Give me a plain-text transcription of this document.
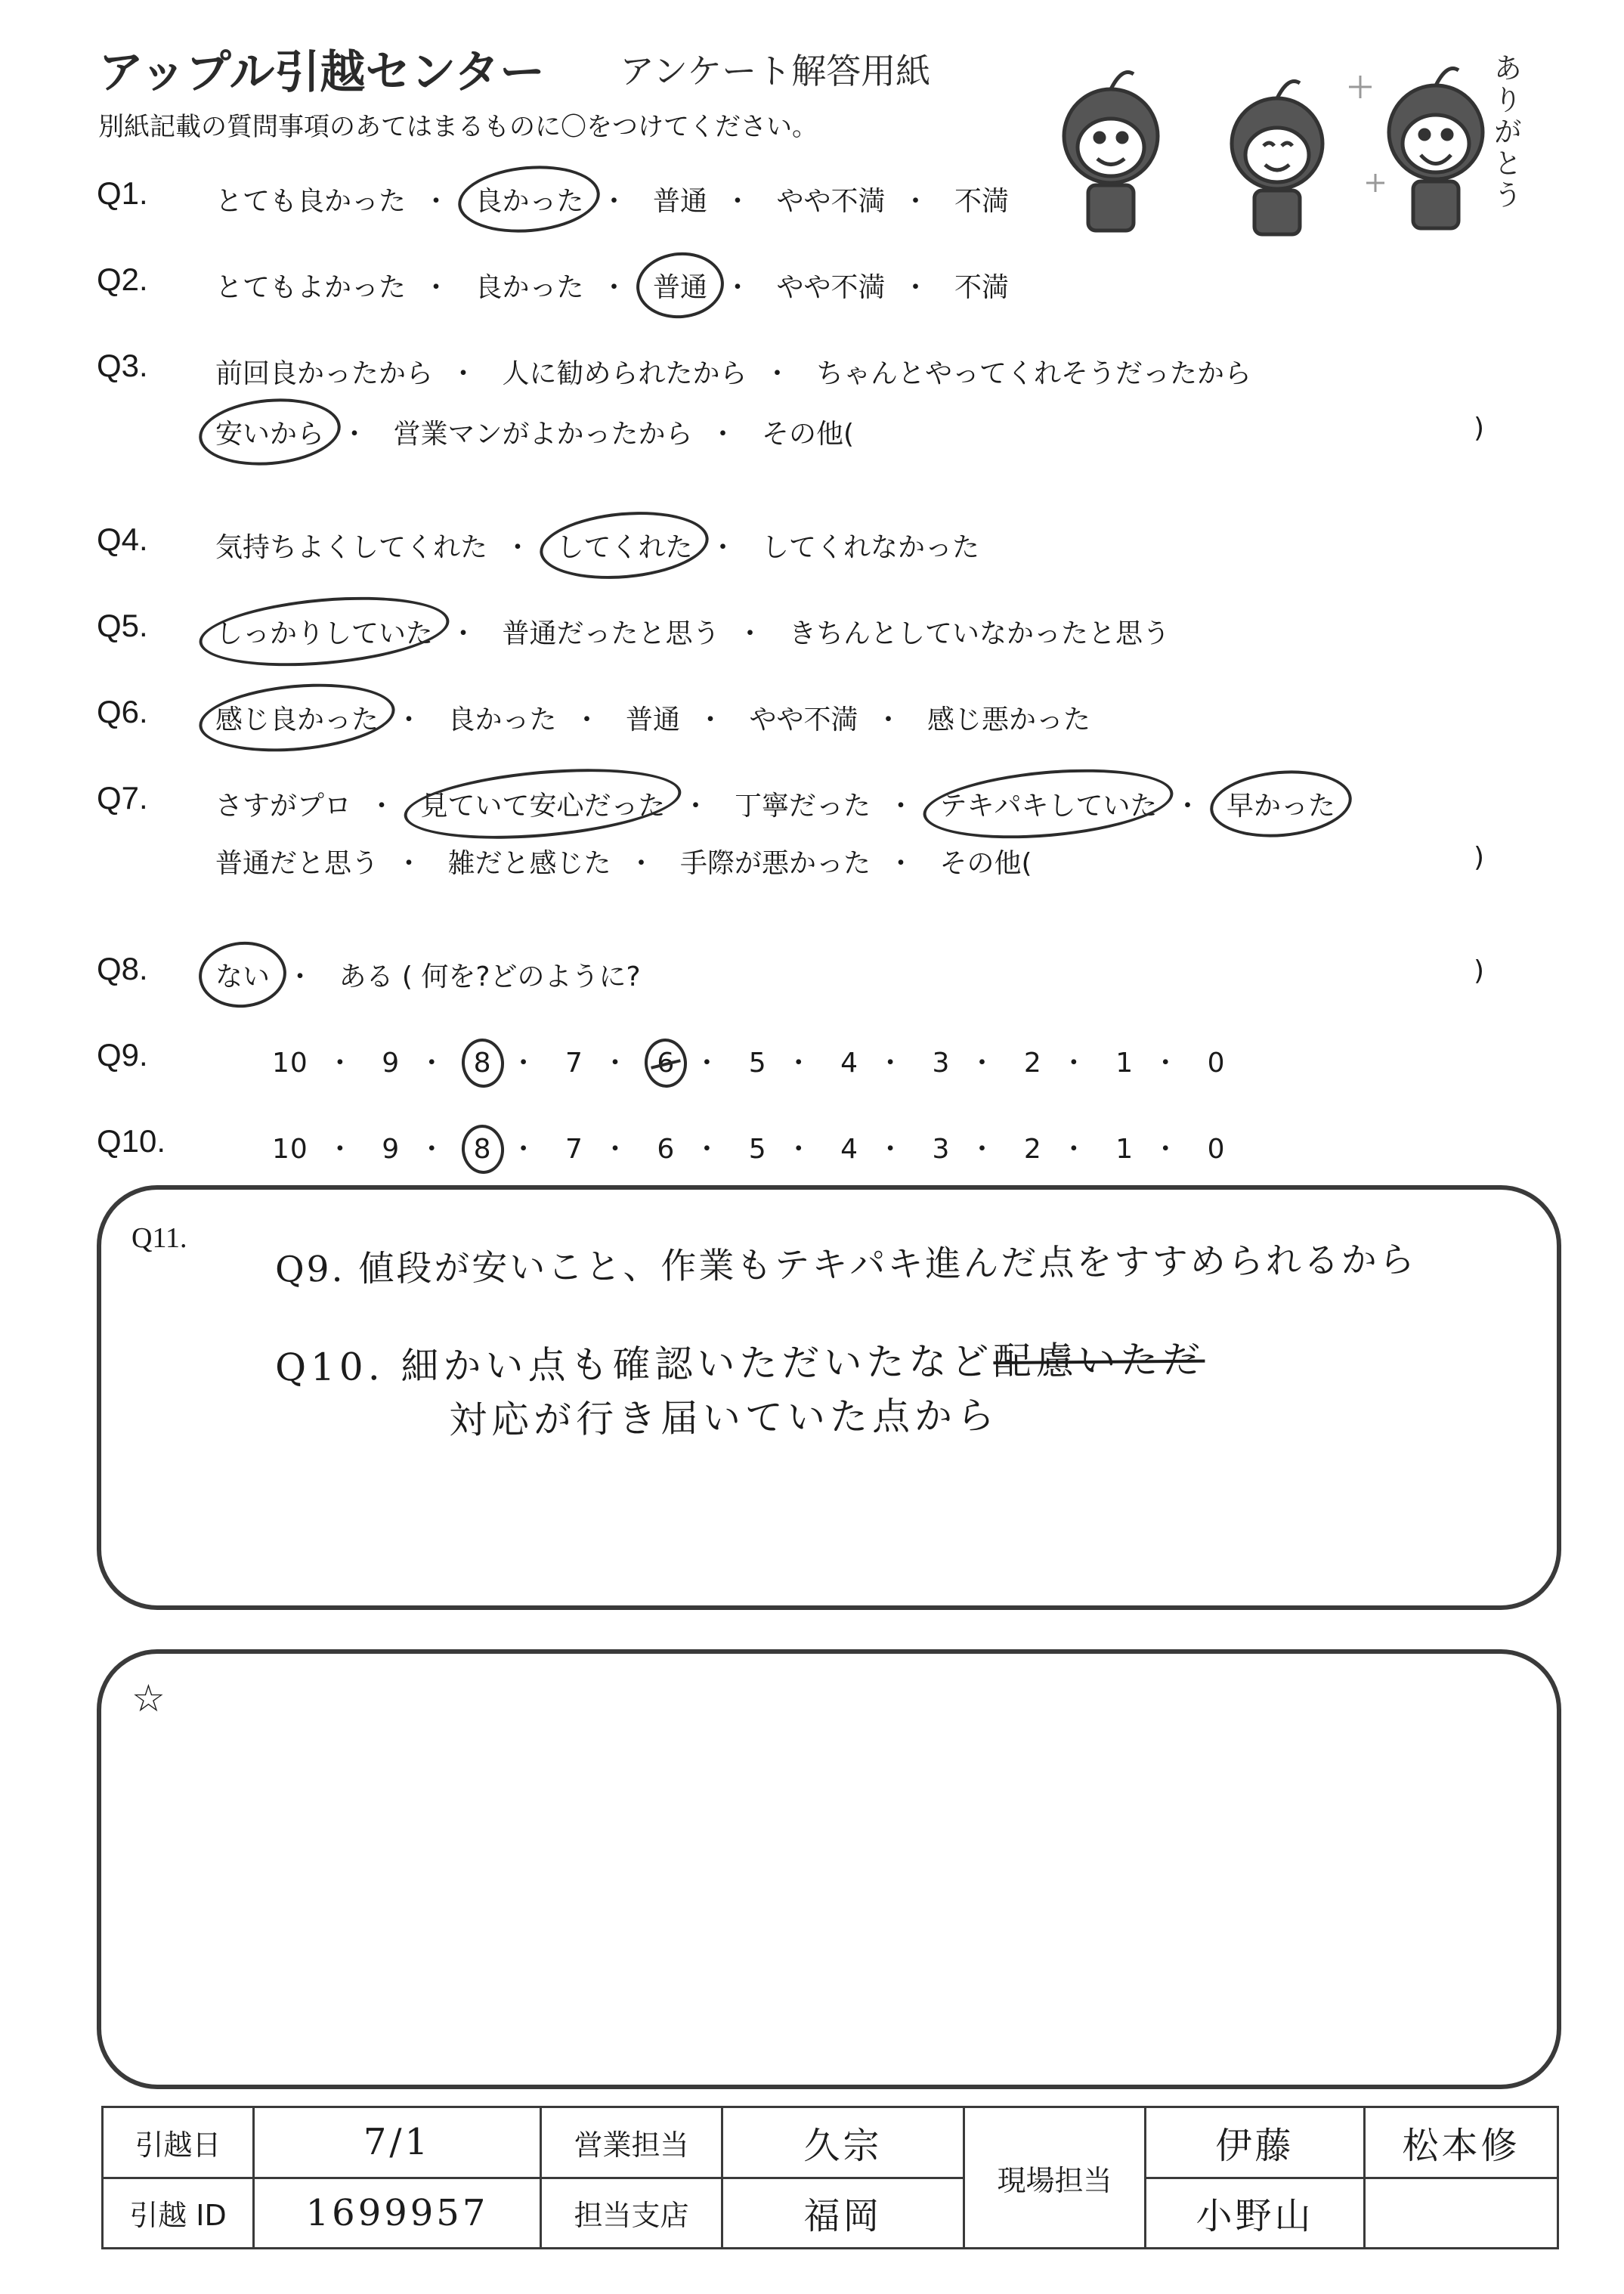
アップル引越センター アンケート解答用紙
別紙記載の質問事項のあてはまるものに〇をつけてください。	ありがとう
Q1. とても良かった ・ 良かった ・ 普通 ・ やや不満 ・ 不満
Q2. とてもよかった ・ 良かった ・ 普通 ・ やや不満 ・ 不満
Q3. 前回良かったから ・ 人に勧められたから ・ ちゃんとやってくれそうだったから
安いから ・ 営業マンがよかったから ・ その他(	)
Q4. 気持ちよくしてくれた ・ してくれた ・ してくれなかった
Q5. しっかりしていた ・ 普通だったと思う ・ きちんとしていなかったと思う
Q6. 感じ良かった ・ 良かった ・ 普通 ・ やや不満 ・ 感じ悪かった
Q7. さすがプロ ・ 見ていて安心だった ・ 丁寧だった ・ テキパキしていた ・ 早かった
普通だと思う ・ 雑だと感じた ・ 手際が悪かった ・ その他(	)
Q8. ない ・ ある ( 何を?どのように?	)
Q9.	10 ・ 9 ・ 8 ・ 7 ・ 6 ・ 5 ・ 4 ・ 3 ・ 2 ・ 1 ・ 0
Q10.	10 ・ 9 ・ 8 ・ 7 ・ 6 ・ 5 ・ 4 ・ 3 ・ 2 ・ 1 ・ 0
Q11.
Q9. 値段が安いこと、作業もテキパキ進んだ点をすすめられるから
Q10. 細かい点も確認いただいたなど配慮いただ
対応が行き届いていた点から
☆
引越日	7/1	営業担当	久宗	現場担当	伊藤	松本修
引越 ID	1699957	担当支店	福岡		小野山	
